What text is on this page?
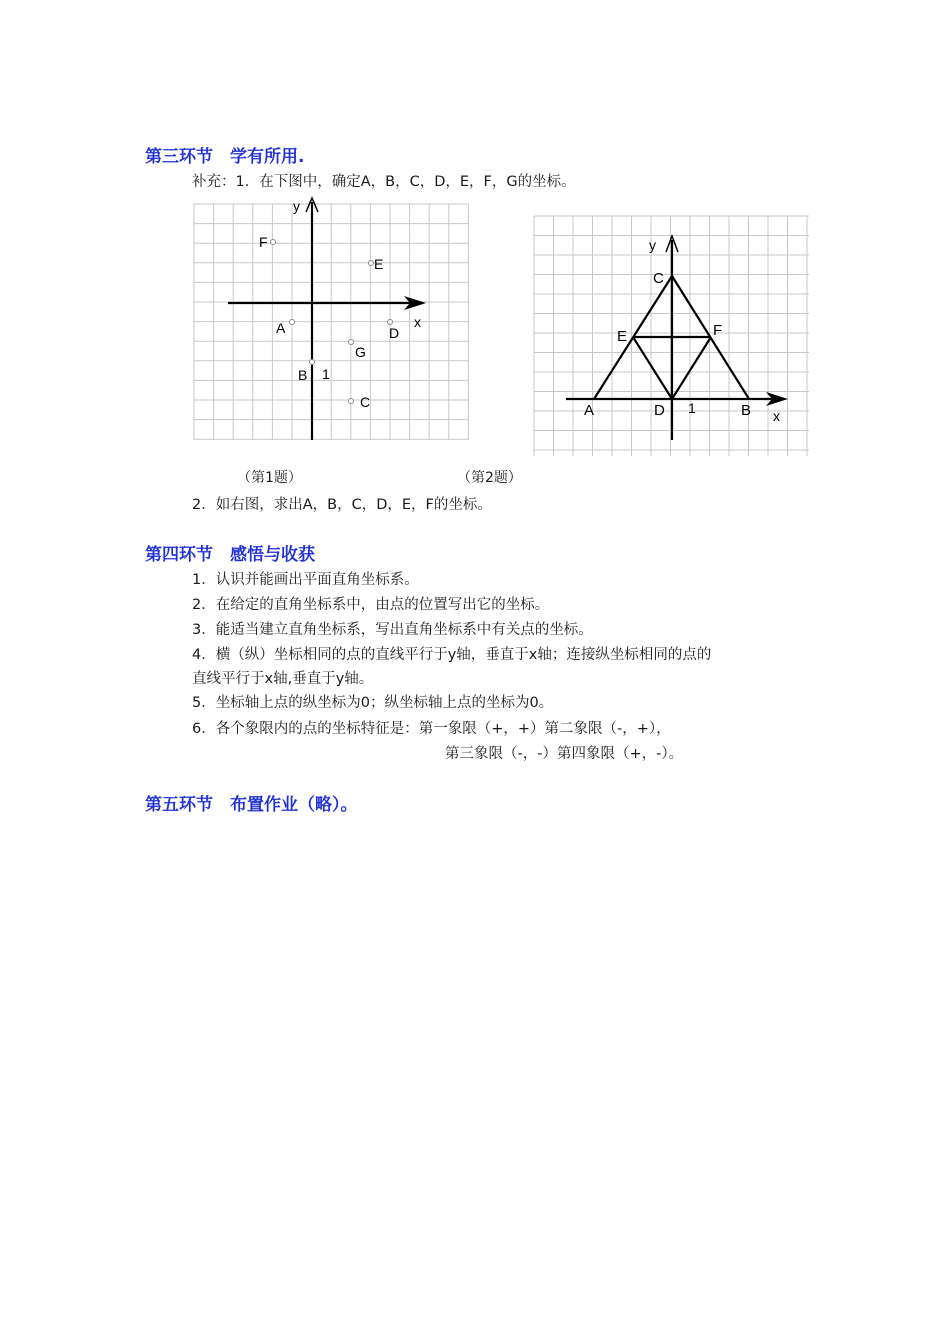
第三环节　学有所用.
补充：1．在下图中，确定A，B，C，D，E，F，G的坐标。
x
y
1
F
E
A	D
G
B
C
x
y
1
C
E	F
A	D	B
（第1题）	（第2题）
2．如右图，求出A，B，C，D，E，F的坐标。
第四环节　感悟与收获
1．认识并能画出平面直角坐标系。
2．在给定的直角坐标系中，由点的位置写出它的坐标。
3．能适当建立直角坐标系，写出直角坐标系中有关点的坐标。
4．横（纵）坐标相同的点的直线平行于y轴，垂直于x轴；连接纵坐标相同的点的
直线平行于x轴,垂直于y轴。
5．坐标轴上点的纵坐标为0；纵坐标轴上点的坐标为0。
6．各个象限内的点的坐标特征是：第一象限（+，+）第二象限（-，+），
第三象限（-，-）第四象限（+，-）。
第五环节　布置作业（略）。
